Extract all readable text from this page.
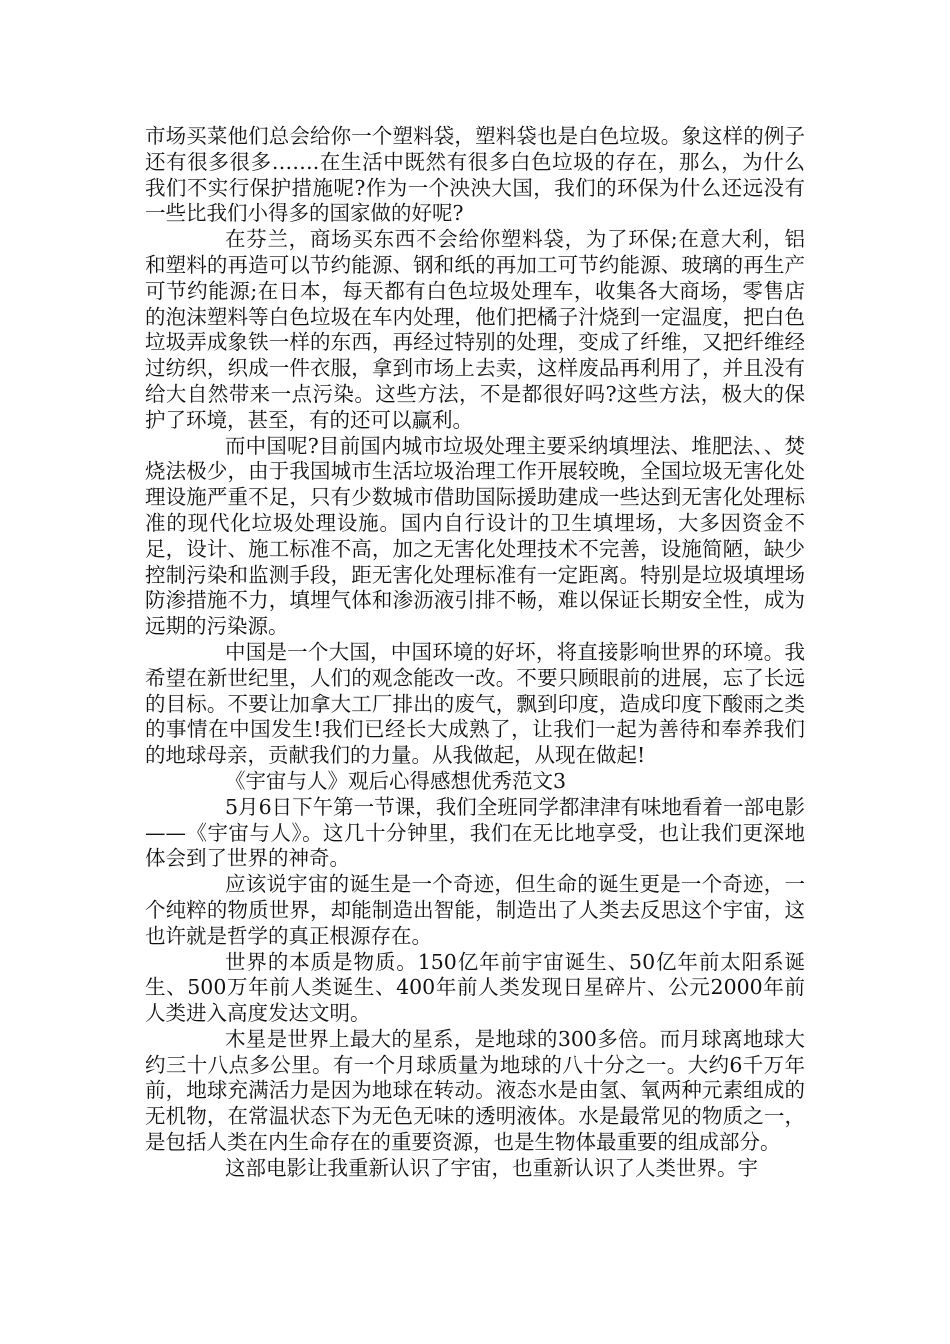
市场买菜他们总会给你一个塑料袋，塑料袋也是白色垃圾。象这样的例子还有很多很多…….在生活中既然有很多白色垃圾的存在，那么，为什么我们不实行保护措施呢?作为一个泱泱大国，我们的环保为什么还远没有一些比我们小得多的国家做的好呢?

在芬兰，商场买东西不会给你塑料袋，为了环保;在意大利，铝和塑料的再造可以节约能源、钢和纸的再加工可节约能源、玻璃的再生产可节约能源;在日本，每天都有白色垃圾处理车，收集各大商场，零售店的泡沫塑料等白色垃圾在车内处理，他们把橘子汁烧到一定温度，把白色垃圾弄成象铁一样的东西，再经过特别的处理，变成了纤维，又把纤维经过纺织，织成一件衣服，拿到市场上去卖，这样废品再利用了，并且没有给大自然带来一点污染。这些方法，不是都很好吗?这些方法，极大的保护了环境，甚至，有的还可以赢利。

而中国呢?目前国内城市垃圾处理主要采纳填埋法、堆肥法、、焚烧法极少，由于我国城市生活垃圾治理工作开展较晚，全国垃圾无害化处理设施严重不足，只有少数城市借助国际援助建成一些达到无害化处理标准的现代化垃圾处理设施。国内自行设计的卫生填埋场，大多因资金不足，设计、施工标准不高，加之无害化处理技术不完善，设施简陋，缺少控制污染和监测手段，距无害化处理标准有一定距离。特别是垃圾填埋场防渗措施不力，填埋气体和渗沥液引排不畅，难以保证长期安全性，成为远期的污染源。

中国是一个大国，中国环境的好坏，将直接影响世界的环境。我希望在新世纪里，人们的观念能改一改。不要只顾眼前的进展，忘了长远的目标。不要让加拿大工厂排出的废气，飘到印度，造成印度下酸雨之类的事情在中国发生!我们已经长大成熟了，让我们一起为善待和奉养我们的地球母亲，贡献我们的力量。从我做起，从现在做起!

《宇宙与人》观后心得感想优秀范文3

5月6日下午第一节课，我们全班同学都津津有味地看着一部电影——《宇宙与人》。这几十分钟里，我们在无比地享受，也让我们更深地体会到了世界的神奇。

应该说宇宙的诞生是一个奇迹，但生命的诞生更是一个奇迹，一个纯粹的物质世界，却能制造出智能，制造出了人类去反思这个宇宙，这也许就是哲学的真正根源存在。

世界的本质是物质。150亿年前宇宙诞生、50亿年前太阳系诞生、500万年前人类诞生、400年前人类发现日星碎片、公元2000年前人类进入高度发达文明。

木星是世界上最大的星系，是地球的300多倍。而月球离地球大约三十八点多公里。有一个月球质量为地球的八十分之一。大约6千万年前，地球充满活力是因为地球在转动。液态水是由氢、氧两种元素组成的无机物，在常温状态下为无色无味的透明液体。水是最常见的物质之一，是包括人类在内生命存在的重要资源，也是生物体最重要的组成部分。

这部电影让我重新认识了宇宙，也重新认识了人类世界。宇
